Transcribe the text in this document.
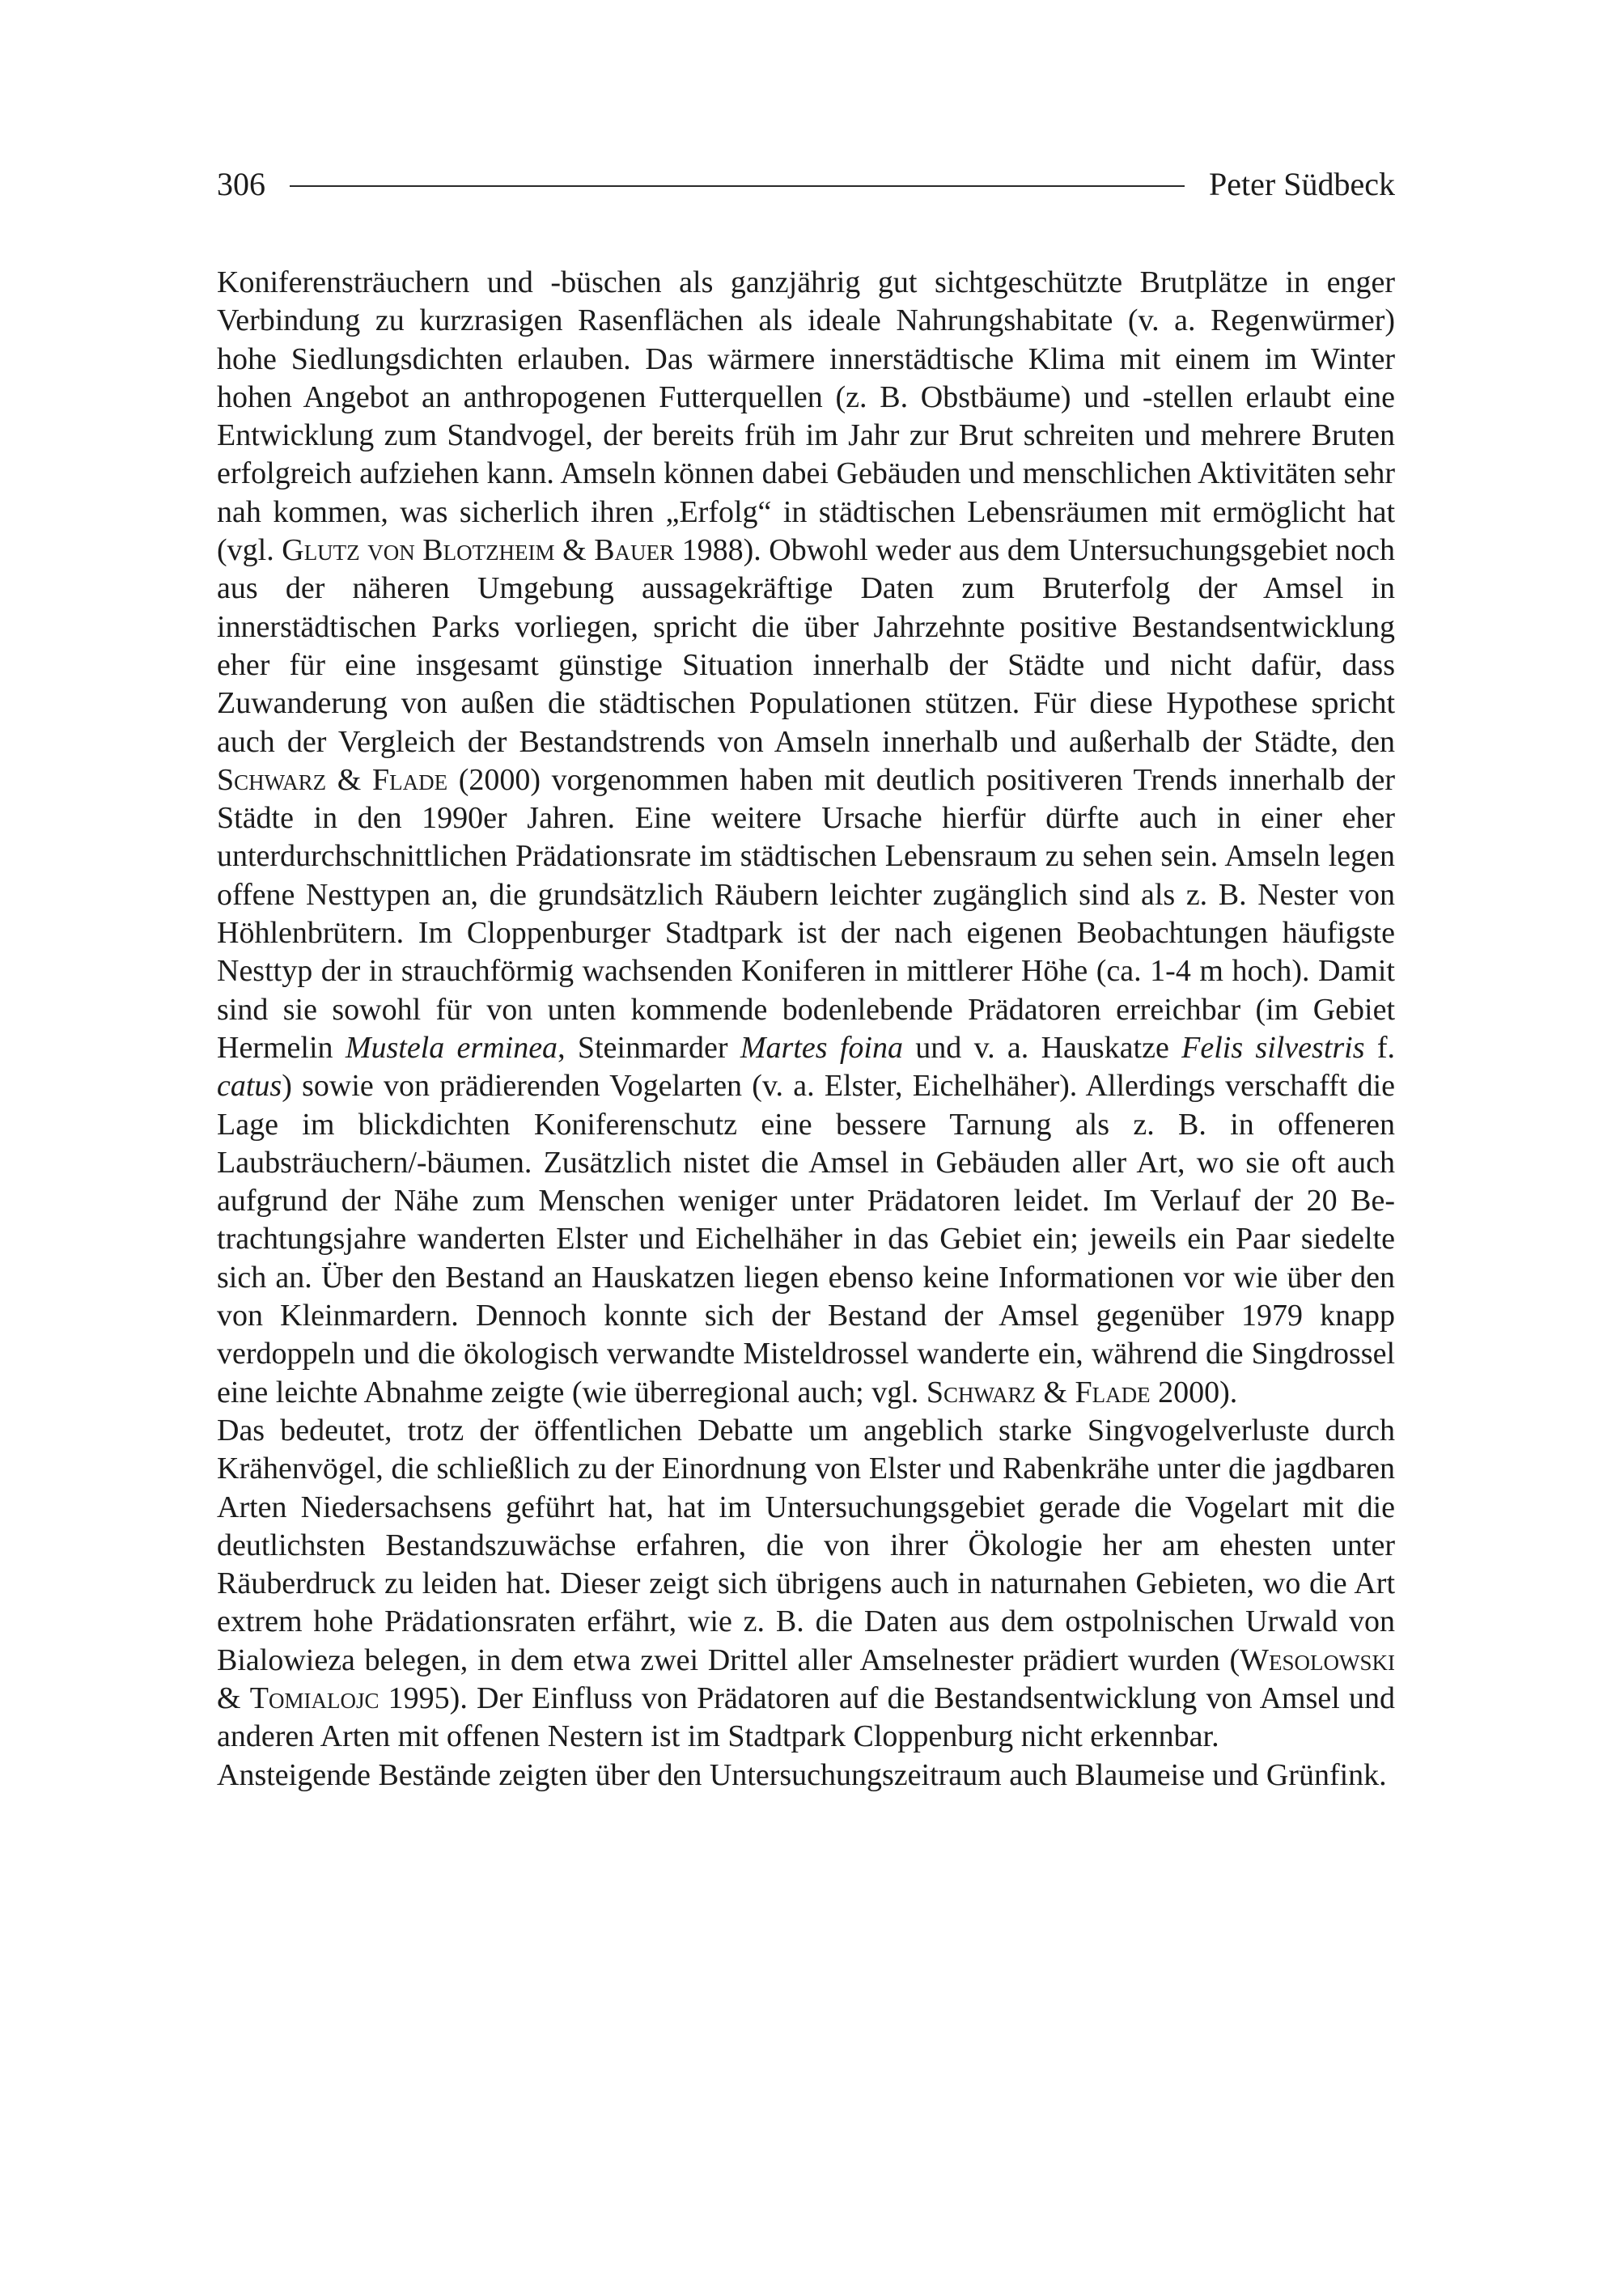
306	Peter Südbeck

Koniferensträuchern und -büschen als ganzjährig gut sichtgeschützte Brutplätze in enger Verbindung zu kurzrasigen Rasenflächen als ideale Nahrungshabitate (v. a. Regenwürmer) hohe Siedlungsdichten erlauben. Das wärmere innerstädtische Klima mit einem im Winter hohen Angebot an anthropogenen Futterquellen (z. B. Obstbäume) und -stellen erlaubt eine Entwicklung zum Standvogel, der bereits früh im Jahr zur Brut schreiten und mehrere Bruten erfolgreich aufziehen kann. Amseln können dabei Gebäuden und menschlichen Aktivitäten sehr nah kommen, was sicherlich ihren „Erfolg“ in städtischen Lebensräumen mit ermöglicht hat (vgl. Glutz von Blotzheim & Bauer 1988). Obwohl weder aus dem Untersuchungsgebiet noch aus der näheren Umgebung aussagekräftige Daten zum Bruterfolg der Amsel in innerstädtischen Parks vorliegen, spricht die über Jahrzehnte positive Bestandsentwicklung eher für eine insgesamt günstige Situation innerhalb der Städte und nicht dafür, dass Zuwanderung von außen die städtischen Populationen stützen. Für diese Hypothese spricht auch der Vergleich der Bestandstrends von Amseln innerhalb und außerhalb der Städte, den Schwarz & Flade (2000) vorgenommen haben mit deutlich positiveren Trends innerhalb der Städte in den 1990er Jahren. Eine weitere Ursache hierfür dürfte auch in einer eher unterdurchschnittlichen Prädationsrate im städtischen Lebensraum zu sehen sein. Amseln legen offene Nesttypen an, die grundsätzlich Räubern leichter zugänglich sind als z. B. Nester von Höhlenbrütern. Im Cloppenburger Stadtpark ist der nach eigenen Beobachtungen häufigste Nesttyp der in strauchförmig wachsenden Koniferen in mittlerer Höhe (ca. 1-4 m hoch). Damit sind sie sowohl für von unten kommende bodenlebende Prädatoren erreichbar (im Gebiet Hermelin Mustela erminea, Steinmarder Martes foina und v. a. Hauskatze Felis silvestris f. catus) sowie von prädierenden Vogelarten (v. a. Elster, Eichelhäher). Allerdings verschafft die Lage im blickdichten Koniferenschutz eine bessere Tarnung als z. B. in offeneren Laubsträuchern/-bäumen. Zusätzlich nistet die Amsel in Gebäuden aller Art, wo sie oft auch aufgrund der Nähe zum Menschen weniger unter Prädatoren leidet. Im Verlauf der 20 Betrachtungsjahre wanderten Elster und Eichelhäher in das Gebiet ein; jeweils ein Paar siedelte sich an. Über den Bestand an Hauskatzen liegen ebenso keine Informationen vor wie über den von Kleinmardern. Dennoch konnte sich der Bestand der Amsel gegenüber 1979 knapp verdoppeln und die ökologisch verwandte Misteldrossel wanderte ein, während die Singdrossel eine leichte Abnahme zeigte (wie überregional auch; vgl. Schwarz & Flade 2000).

Das bedeutet, trotz der öffentlichen Debatte um angeblich starke Singvogelverluste durch Krähenvögel, die schließlich zu der Einordnung von Elster und Rabenkrähe unter die jagdbaren Arten Niedersachsens geführt hat, hat im Untersuchungsgebiet gerade die Vogelart mit die deutlichsten Bestandszuwächse erfahren, die von ihrer Ökologie her am ehesten unter Räuberdruck zu leiden hat. Dieser zeigt sich übrigens auch in naturnahen Gebieten, wo die Art extrem hohe Prädationsraten erfährt, wie z. B. die Daten aus dem ostpolnischen Urwald von Bialowieza belegen, in dem etwa zwei Drittel aller Amselnester prädiert wurden (Wesolowski & Tomialojc 1995). Der Einfluss von Prädatoren auf die Bestandsentwicklung von Amsel und anderen Arten mit offenen Nestern ist im Stadtpark Cloppenburg nicht erkennbar.

Ansteigende Bestände zeigten über den Untersuchungszeitraum auch Blaumeise und Grünfink.
